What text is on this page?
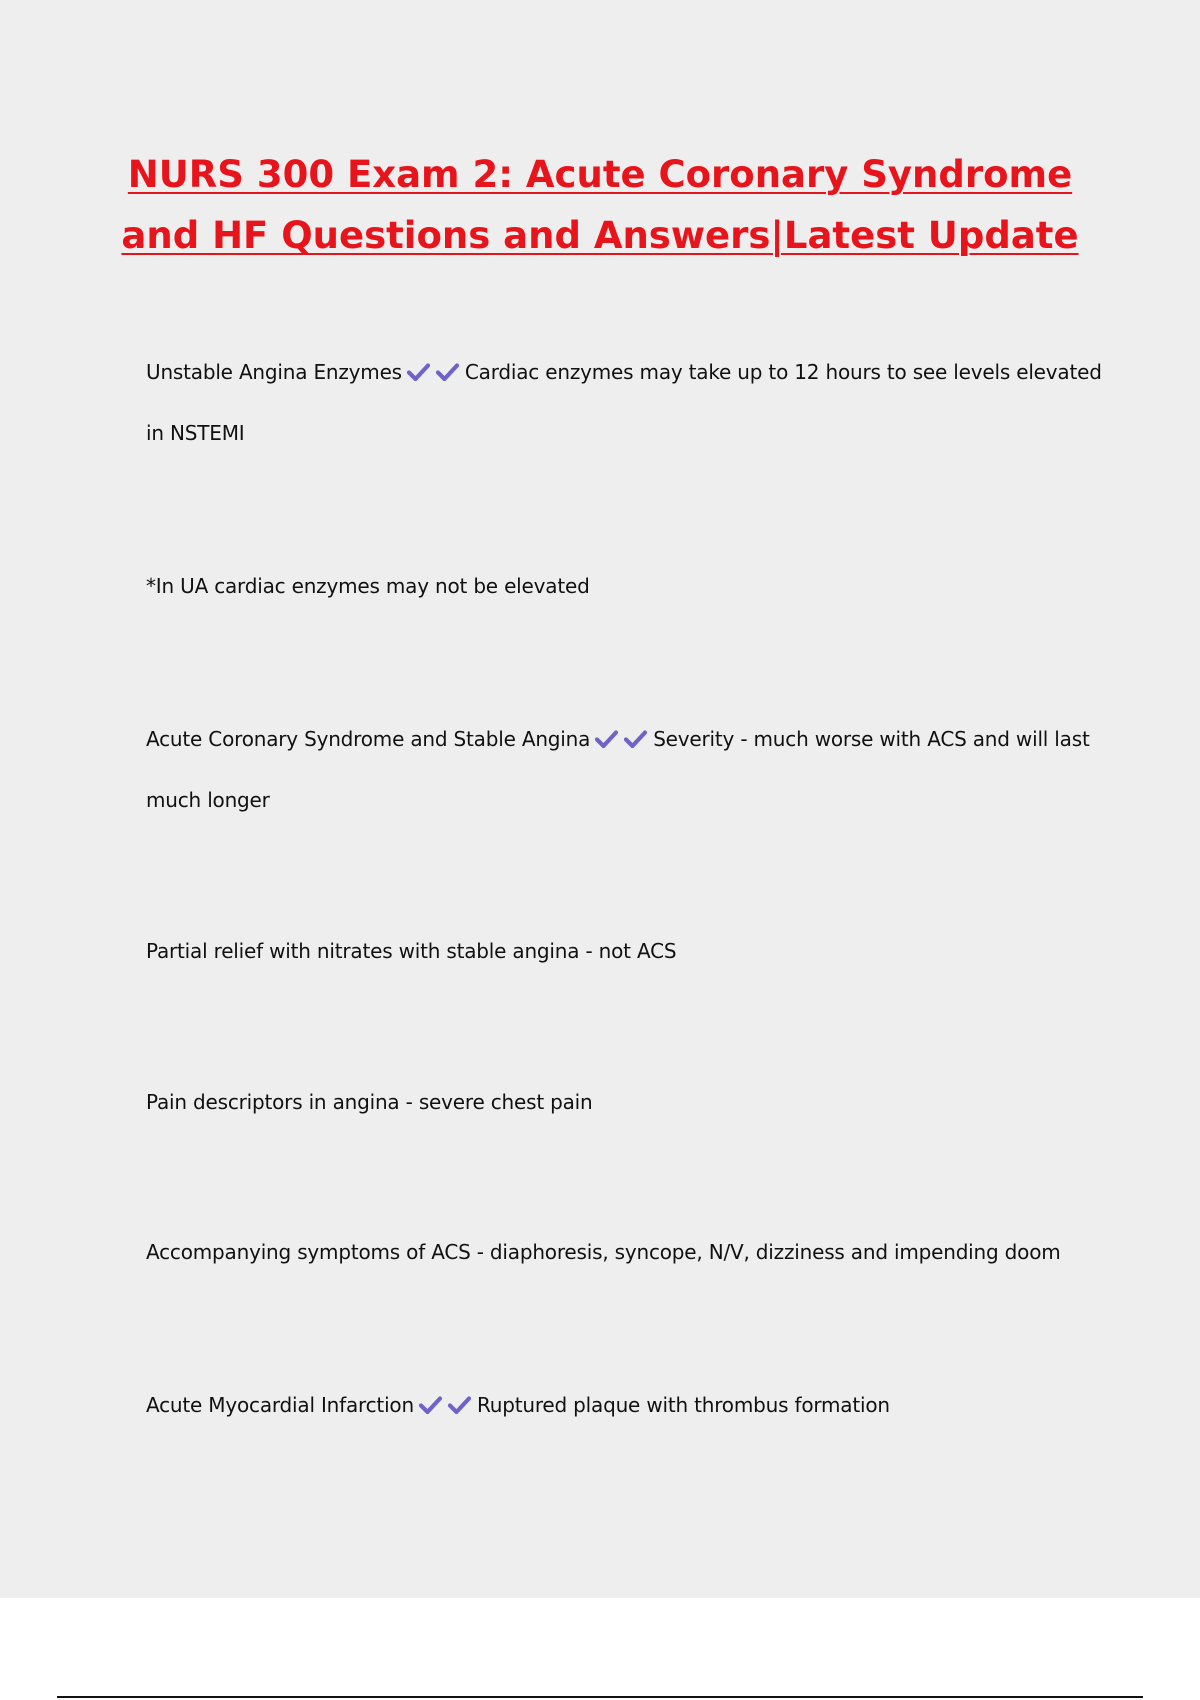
NURS 300 Exam 2: Acute Coronary Syndrome
and HF Questions and Answers|Latest Update

Unstable Angina Enzymes	Cardiac enzymes may take up to 12 hours to see levels elevated in NSTEMI

*In UA cardiac enzymes may not be elevated

Acute Coronary Syndrome and Stable Angina	Severity - much worse with ACS and will last much longer

Partial relief with nitrates with stable angina - not ACS

Pain descriptors in angina - severe chest pain

Accompanying symptoms of ACS - diaphoresis, syncope, N/V, dizziness and impending doom

Acute Myocardial Infarction	Ruptured plaque with thrombus formation
